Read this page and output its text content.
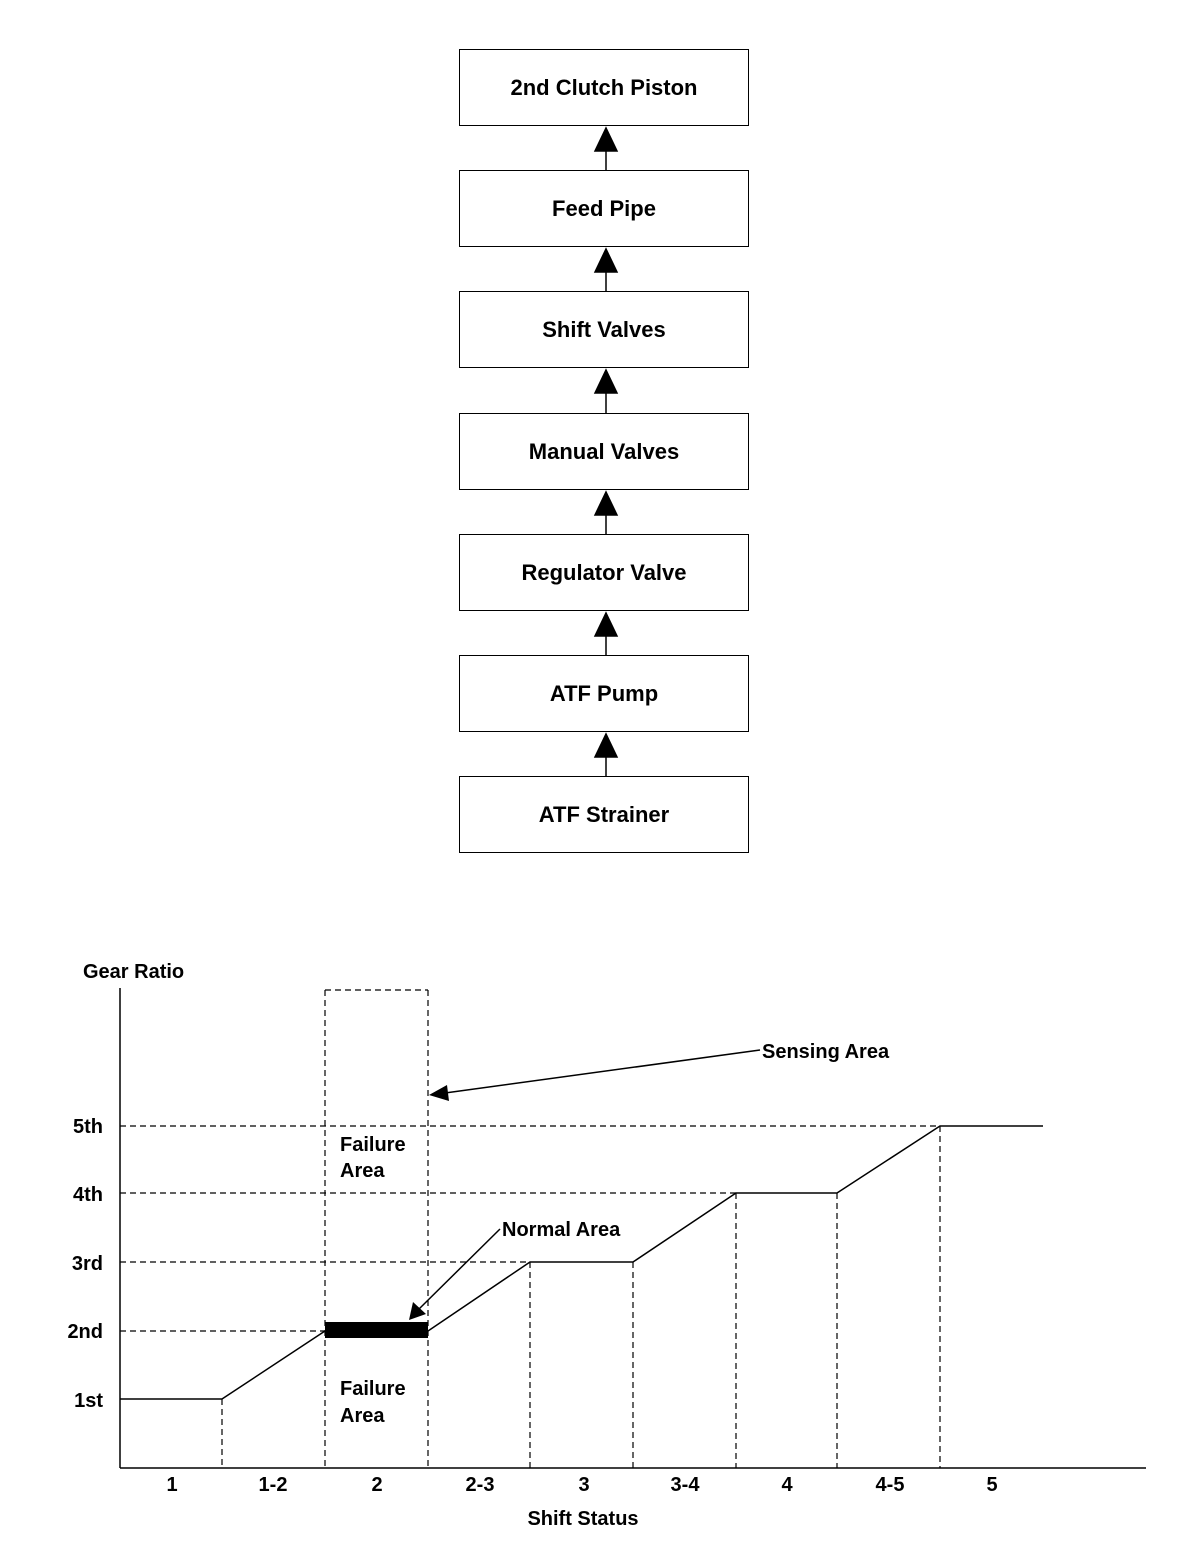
2nd Clutch Piston
Feed Pipe
Shift Valves
Manual Valves
Regulator Valve
ATF Pump
ATF Strainer
Gear Ratio
Shift Status
1st
2nd
3rd
4th
5th
1	1-2	2	2-3	3	3-4	4	4-5	5
Sensing Area
Failure
Area
Failure
Area
Normal Area
